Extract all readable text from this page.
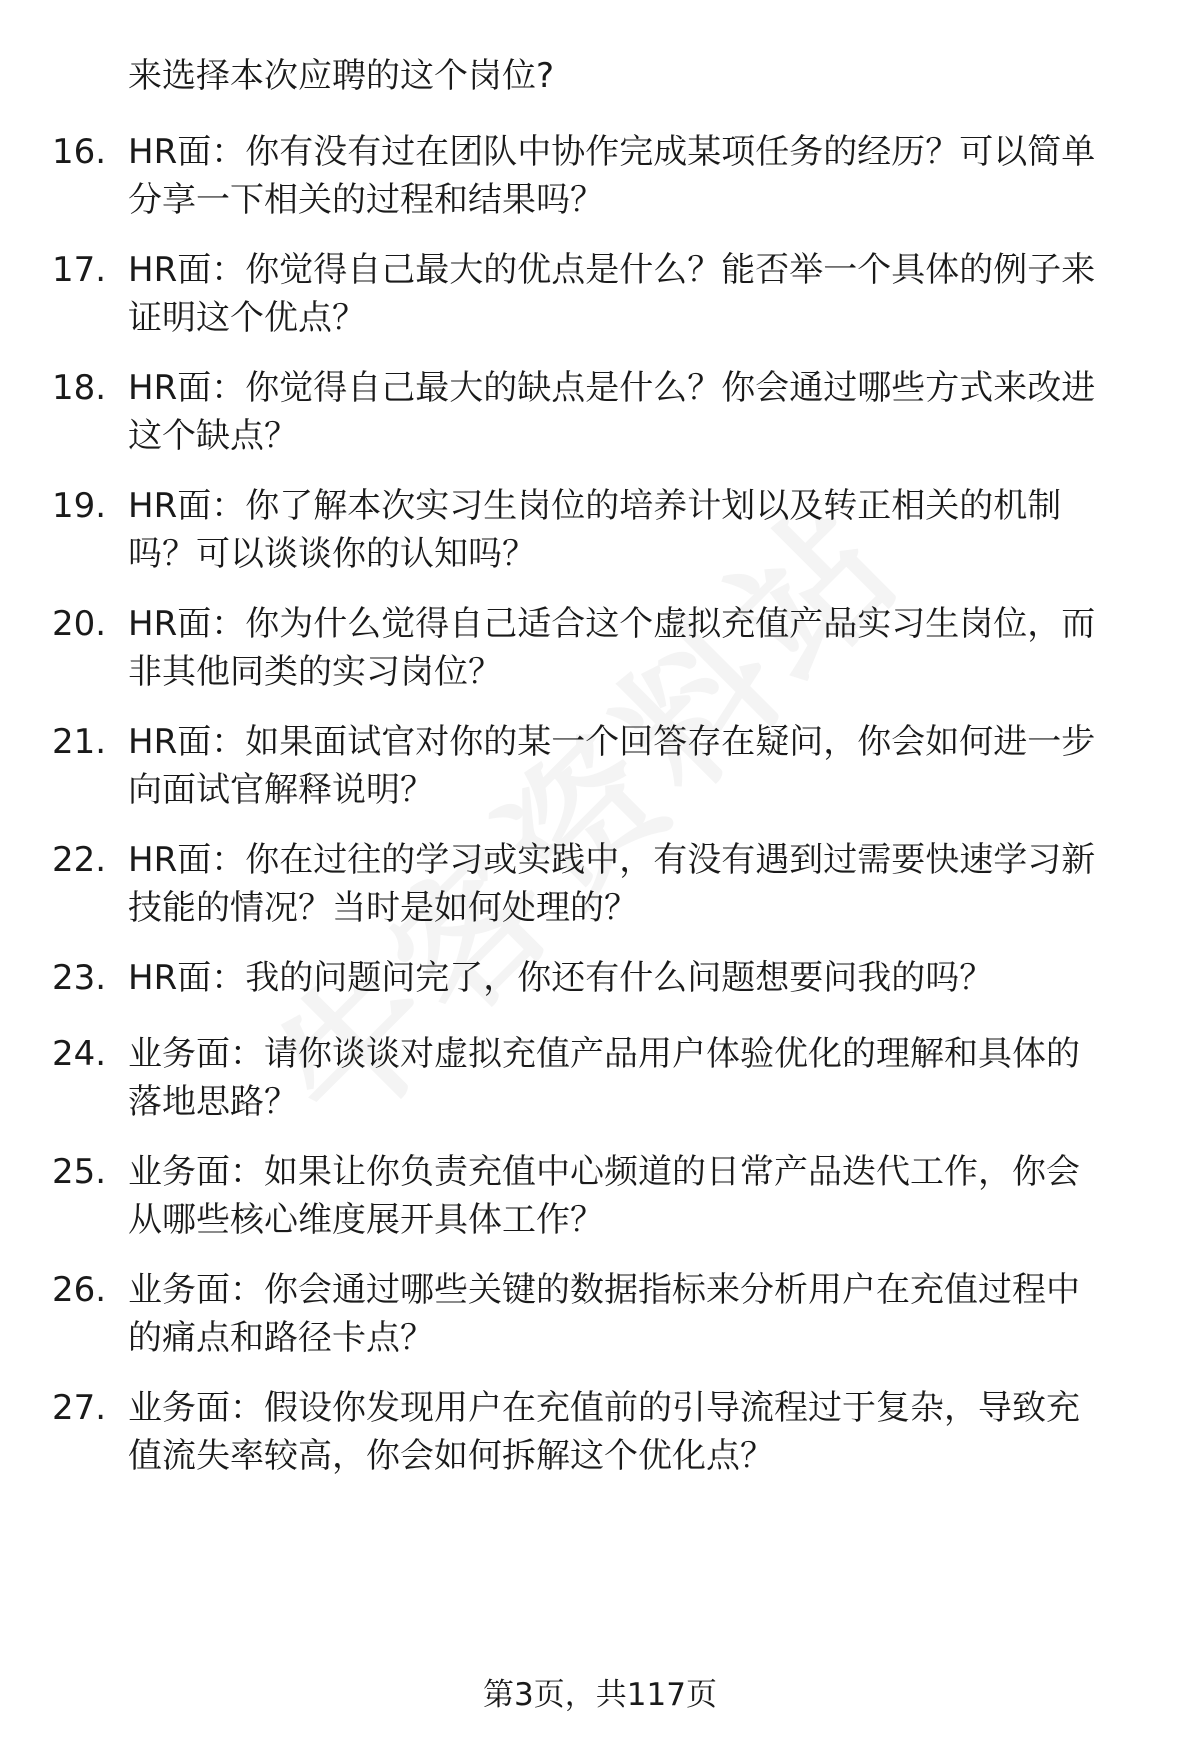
来选择本次应聘的这个岗位?
16. HR面：你有没有过在团队中协作完成某项任务的经历？可以简单
分享一下相关的过程和结果吗？
17. HR面：你觉得自己最大的优点是什么？能否举一个具体的例子来
证明这个优点？
18. HR面：你觉得自己最大的缺点是什么？你会通过哪些方式来改进
这个缺点？
19. HR面：你了解本次实习生岗位的培养计划以及转正相关的机制
吗？可以谈谈你的认知吗？
20. HR面：你为什么觉得自己适合这个虚拟充值产品实习生岗位，而
非其他同类的实习岗位？
21. HR面：如果面试官对你的某一个回答存在疑问，你会如何进一步
向面试官解释说明？
22. HR面：你在过往的学习或实践中，有没有遇到过需要快速学习新
技能的情况？当时是如何处理的？
23. HR面：我的问题问完了，你还有什么问题想要问我的吗？
24. 业务面：请你谈谈对虚拟充值产品用户体验优化的理解和具体的
落地思路？
25. 业务面：如果让你负责充值中心频道的日常产品迭代工作，你会
从哪些核心维度展开具体工作？
26. 业务面：你会通过哪些关键的数据指标来分析用户在充值过程中
的痛点和路径卡点？
27. 业务面：假设你发现用户在充值前的引导流程过于复杂，导致充
值流失率较高，你会如何拆解这个优化点？
第3页，共117页
